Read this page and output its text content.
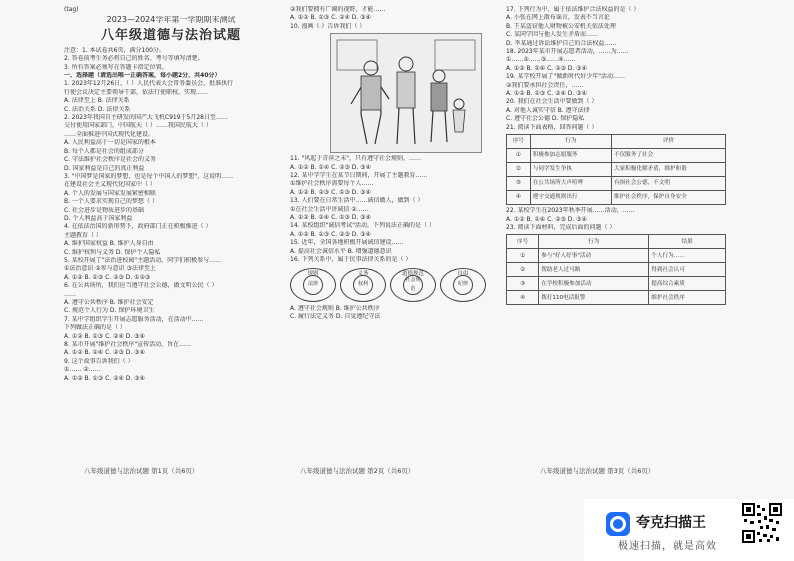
(tag)

2023—2024学年第一学期期末测试

八年级道德与法治试题

注意：1. 本试卷共6页，满分100分。

2. 答卷前考生务必将自己的姓名、考号等填写清楚。

3. 所有答案必须写在答题卡指定位置。

一、选择题（请选出唯一正确答案，每小题2分，共40分）

1. 2023年12月26日，（ ）人民代表大会常务委员会，批准执行

行使会议决定主要领导干部，依法行使职权，实现……

A. 法律至上 B. 法律关系

C. 法治关系 D. 法律关系

2. 2023年我国自主研发的国产大飞机C919于5月28日至……

交付使用国家部门，中国航天（ ）……我国民航大（ ）

……全面推进中国式现代化建设。

A. 人民利益高于一切是国家的根本

B. 每个人都是社会的组成部分

C. 守法维护社会秩序是社会的义务

D. 国家利益是自己的真正利益

3. "中国梦是国家的梦想，也是每个中国人的梦想"，这说明……

在建设社会主义现代化国家中（ ）

A. 个人的发展与国家发展紧密相联

B. 一个人要求实现自己的梦想（ ）

C. 社会进步是物质进步的基础

D. 个人利益高于国家利益

4. 在依法治国的新形势下，政府部门正在积极推进（ ）

主题教育（ ）

A. 维护国家权益 B. 维护人身自由

C. 维护权利与义务 D. 保护个人隐私

5. 某校开展了"法治进校园"主题活动，同学们积极参与……

①法治意识 ②参与意识 ③法律至上

A. ①② B. ①③ C. ②③ D. ①②③

6. 在公共场所，我们应当遵守社会公德，做文明公民（ ）

……

A. 遵守公共秩序 B. 维护社会安定

C. 规范个人行为 D. 保护环境卫生

7. 某中学组织学生开展志愿服务活动，在活动中……

下列做法正确的是（ ）

A. ①② B. ①③ C. ②④ D. ③④

8. 某市开展"维护社会秩序"宣传活动，旨在……

A. ①② B. ①④ C. ②③ D. ③④

9. 这个故事告诉我们（ ）

①…… ②……

A. ①② B. ①③ C. ②④ D. ③④

八年级道德与法治试题 第1页（共6页）

②我们要拥有广阔的视野，才能……

A. ①② B. ①③ C. ②④ D. ③④

10. 漫画《 》告诉我们（ ）

11. "风起于青萍之末"，只有遵守社会规则，……

A. ①② B. ①④ C. ②③ D. ③④

12. 某中学学生在某节日期间，开展了主题教育……

①维护社会秩序需要每个人……

A. ①② B. ②③ C. ①③ D. ③④

13. 人们要在日常生活中……诚信做人，做到（ ）

①在社会生活中讲诚信 ②……

A. ①② B. ②④ C. ①③ D. ③④

14. 某校组织"诚信考试"活动，下列说法正确的是（ ）

A. ①② B. ①③ C. ②③ D. ③④

15. 近年，全国各地积极开展诚信建设……

A. 提高社会诚信水平 B. 增强道德意识

16. 下列关系中，属于民事法律关系的是（ ）

规则
法律
义务
权利
道德规范
社会规范
自由
纪律

A. 遵守社会规则 B. 维护公共秩序

C. 履行法定义务 D. 自觉遵纪守法

八年级道德与法治试题 第2页（共6页）

17. 下列行为中，属于依法维护合法权益的是（ ）

A. 小张在网上散布谣言，发表不当言论

B. 王某盗窃他人财物被公安机关依法处理

C. 某同学因与他人发生矛盾而……

D. 李某通过诉讼维护自己的合法权益……

18. 2023年某市开展志愿者活动，……为……

①……②……③……④……

A. ①② B. ①④ C. ②③ D. ③④

19. 某学校开展了"做新时代好少年"活动……

②我们要承担社会责任，……

A. ①② B. ①③ C. ②④ D. ③④

20. 我们在社会生活中要做到（ ）

A. 对他人诚实守信 B. 遵守法律

C. 遵守社会公德 D. 保护隐私

21. 阅读下面表格，回答问题（ ）

序号	行为	评价
①	积极参加志愿服务	不仅服务了社会
②	与同学发生争执	大家积极化解矛盾，维护和谐
③	在公共场所大声喧哗	有损社会公德，不文明
④	遵守交通规则出行	维护社会秩序，保护自身安全

22. 某校学生在2023年秋季开展……活动，……

A. ①② B. ①④ C. ②③ D. ③④

23. 阅读下面材料，完成后面的问题（ ）

序号	行为	结果
①	参与"好人好事"活动	个人行为……
②	帮助老人过马路	得到社会认可
③	在学校积极参加活动	提高综合素质
④	拨打110电话报警	维护社会秩序
八年级道德与法治试题 第3页（共6页）
夸克扫描王
极速扫描，就是高效
